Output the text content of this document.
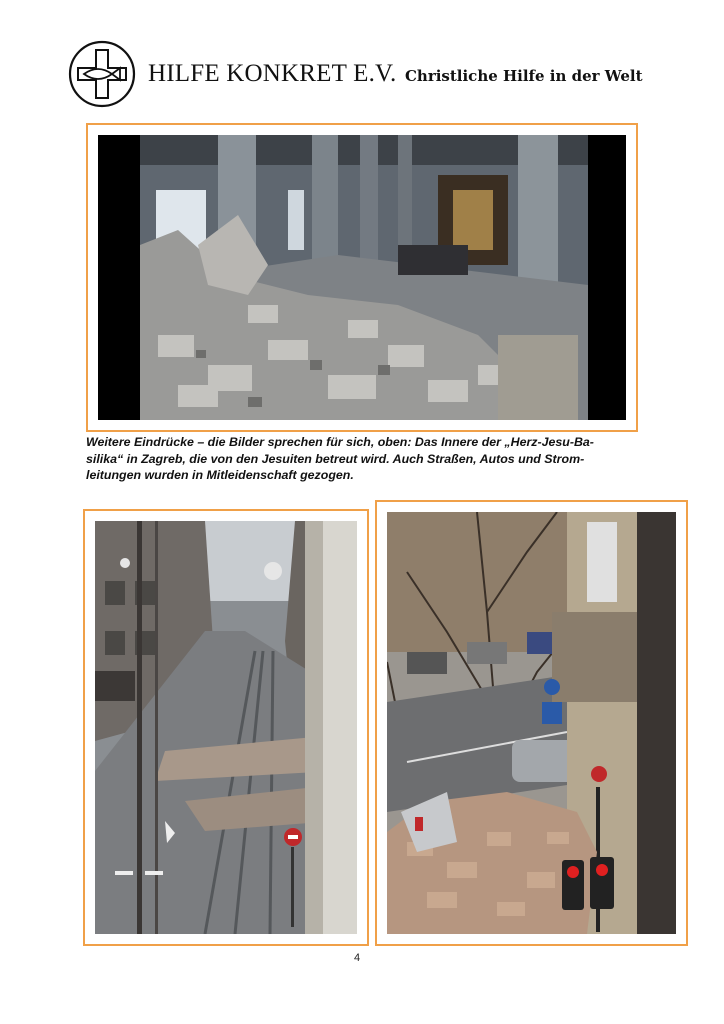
HILFE KONKRET E.V. Christliche Hilfe in der Welt
Weitere Eindrücke – die Bilder sprechen für sich, oben: Das Innere der „Herz-Jesu-Ba-
silika“ in Zagreb, die von den Jesuiten betreut wird. Auch Straßen, Autos und Strom-
leitungen wurden in Mitleidenschaft gezogen.
4
